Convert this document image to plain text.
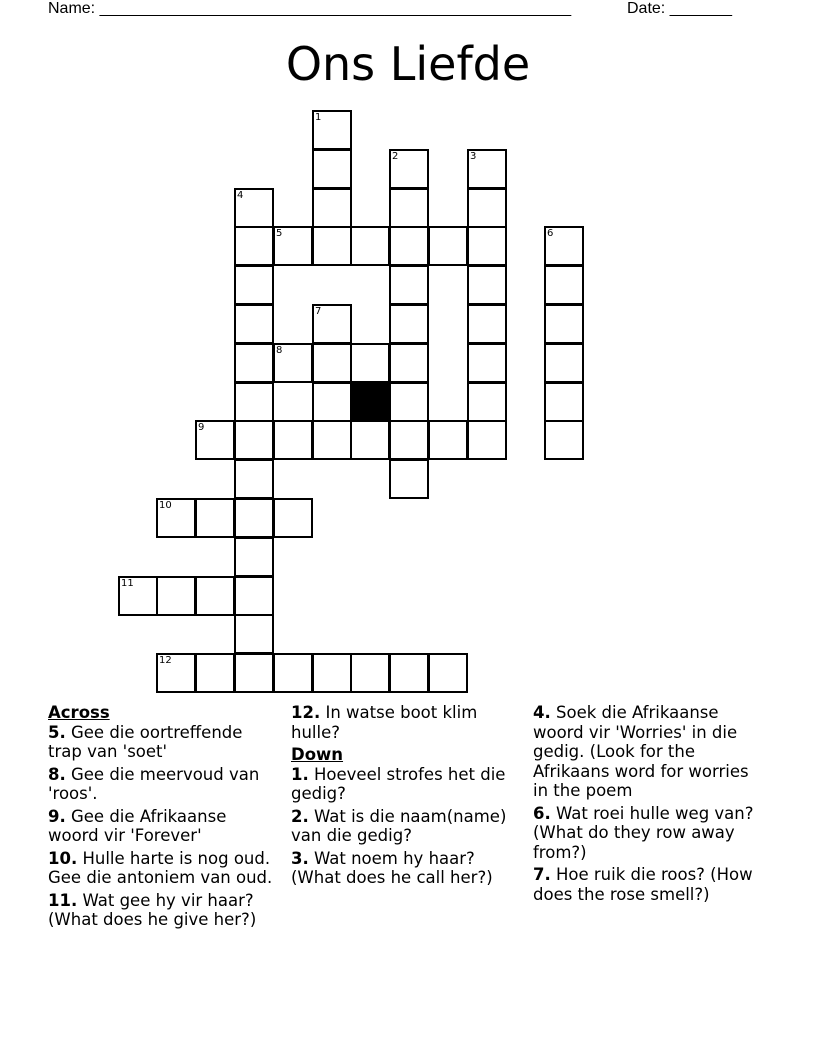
Name: _____________________________________________________	Date: _______
Ons Liefde
1
2	3
4
5	6
7
8
9
10
11
12
Across
5. Gee die oortreffende trap van 'soet'
8. Gee die meervoud van 'roos'.
9. Gee die Afrikaanse woord vir 'Forever'
10. Hulle harte is nog oud. Gee die antoniem van oud.
11. Wat gee hy vir haar? (What does he give her?)
12. In watse boot klim hulle?
Down
1. Hoeveel strofes het die gedig?
2. Wat is die naam(name) van die gedig?
3. Wat noem hy haar? (What does he call her?)
4. Soek die Afrikaanse woord vir 'Worries' in die gedig. (Look for the Afrikaans word for worries in the poem
6. Wat roei hulle weg van? (What do they row away from?)
7. Hoe ruik die roos? (How does the rose smell?)
